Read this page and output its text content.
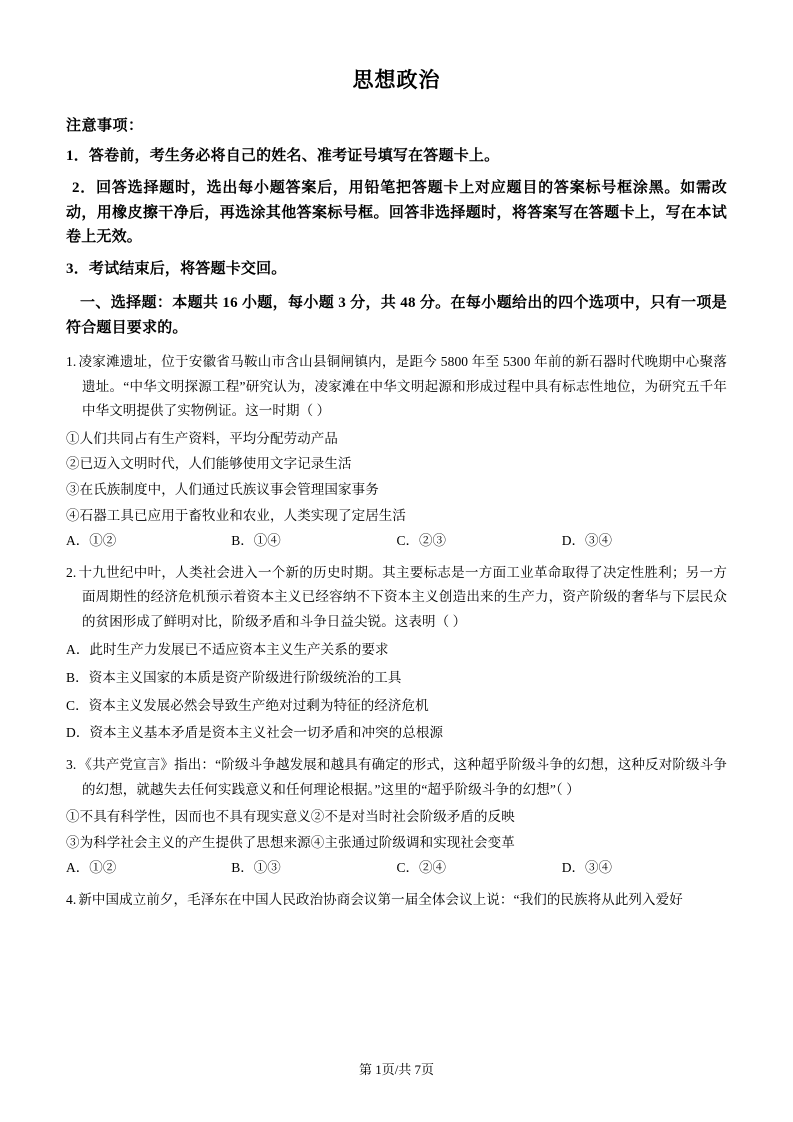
思想政治
注意事项：
1．答卷前，考生务必将自己的姓名、准考证号填写在答题卡上。
2．回答选择题时，选出每小题答案后，用铅笔把答题卡上对应题目的答案标号框涂黑。如需改动，用橡皮擦干净后，再选涂其他答案标号框。回答非选择题时，将答案写在答题卡上，写在本试卷上无效。
3．考试结束后，将答题卡交回。
一、选择题：本题共 16 小题，每小题 3 分，共 48 分。在每小题给出的四个选项中，只有一项是符合题目要求的。
1. 凌家滩遗址，位于安徽省马鞍山市含山县铜闸镇内，是距今 5800 年至 5300 年前的新石器时代晚期中心聚落遗址。“中华文明探源工程”研究认为，凌家滩在中华文明起源和形成过程中具有标志性地位，为研究五千年中华文明提供了实物例证。这一时期（ ）
①人们共同占有生产资料，平均分配劳动产品
②已迈入文明时代，人们能够使用文字记录生活
③在氏族制度中，人们通过氏族议事会管理国家事务
④石器工具已应用于畜牧业和农业，人类实现了定居生活
A．①②	B．①④	C．②③	D．③④
2. 十九世纪中叶，人类社会进入一个新的历史时期。其主要标志是一方面工业革命取得了决定性胜利；另一方面周期性的经济危机预示着资本主义已经容纳不下资本主义创造出来的生产力，资产阶级的奢华与下层民众的贫困形成了鲜明对比，阶级矛盾和斗争日益尖锐。这表明（ ）
A．此时生产力发展已不适应资本主义生产关系的要求
B．资本主义国家的本质是资产阶级进行阶级统治的工具
C．资本主义发展必然会导致生产绝对过剩为特征的经济危机
D．资本主义基本矛盾是资本主义社会一切矛盾和冲突的总根源
3. 《共产党宣言》指出：“阶级斗争越发展和越具有确定的形式，这种超乎阶级斗争的幻想，这种反对阶级斗争的幻想，就越失去任何实践意义和任何理论根据。”这里的“超乎阶级斗争的幻想”（ ）
①不具有科学性，因而也不具有现实意义②不是对当时社会阶级矛盾的反映
③为科学社会主义的产生提供了思想来源④主张通过阶级调和实现社会变革
A．①②	B．①③	C．②④	D．③④
4. 新中国成立前夕，毛泽东在中国人民政治协商会议第一届全体会议上说：“我们的民族将从此列入爱好
第 1页/共 7页
